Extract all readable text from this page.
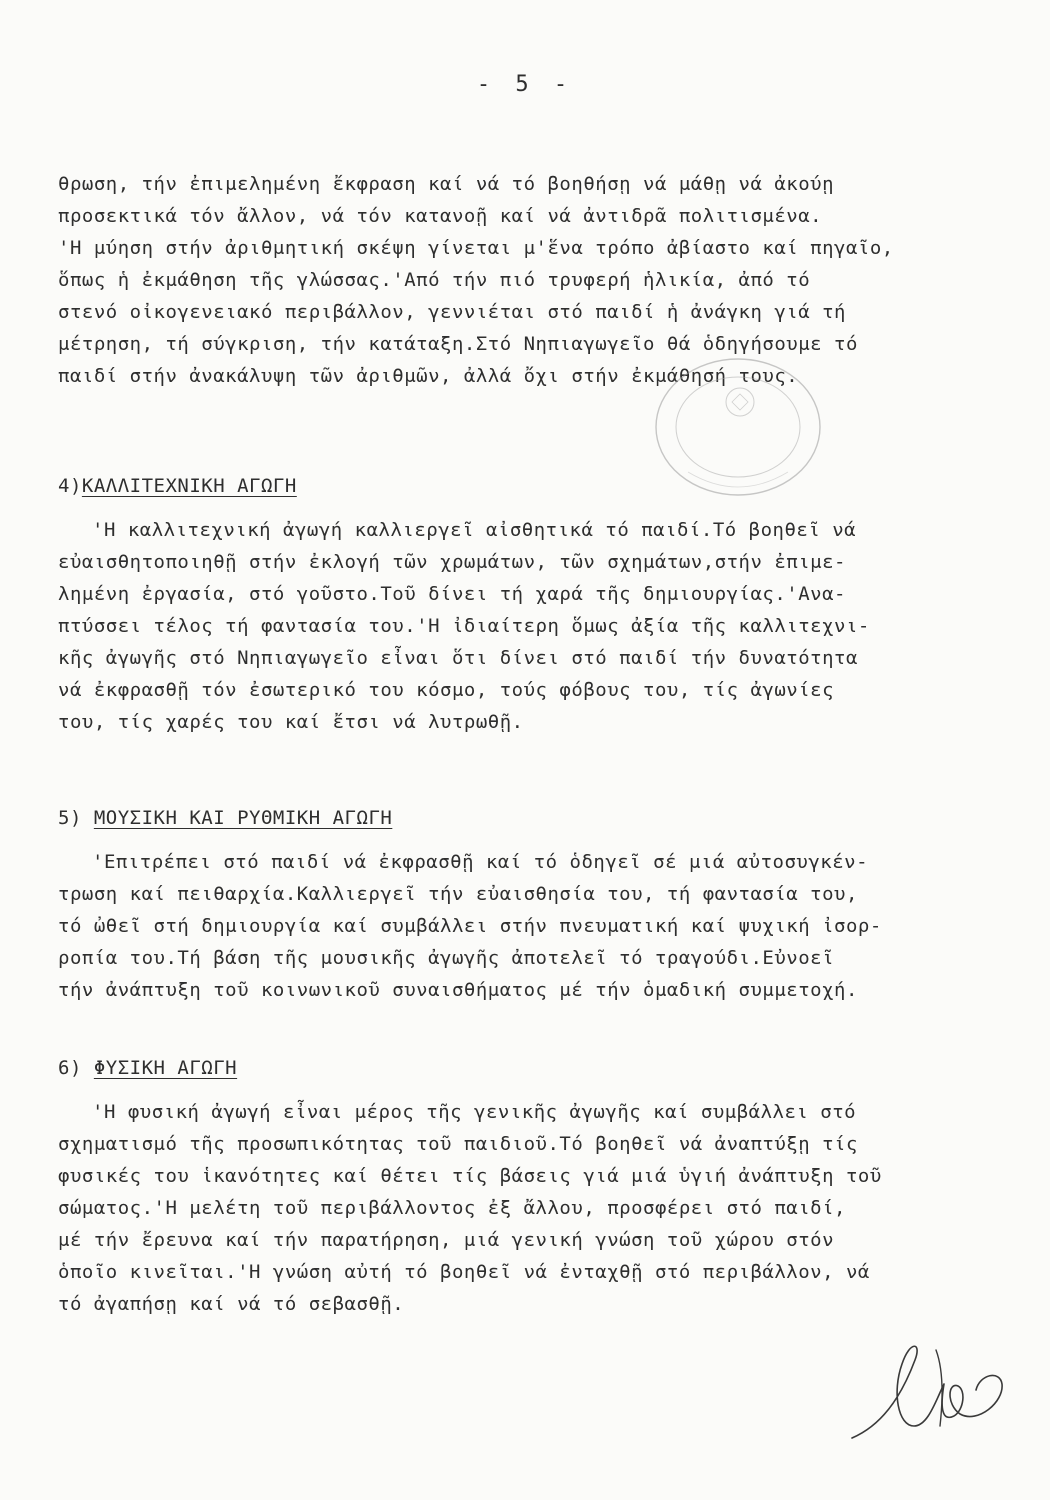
- 5 -
θρωση, τήν ἐπιμελημένη ἔκφραση καί νά τό βοηθήσῃ νά μάθῃ νά ἀκούῃ
προσεκτικά τόν ἄλλον, νά τόν κατανοῇ καί νά ἀντιδρᾶ πολιτισμένα.
'Η μύηση στήν ἀριθμητική σκέψη γίνεται μ'ἕνα τρόπο ἀβίαστο καί πηγαῖο,
ὅπως ἡ ἐκμάθηση τῆς γλώσσας.'Από τήν πιό τρυφερή ἡλικία, ἀπό τό
στενό οἰκογενειακό περιβάλλον, γεννιέται στό παιδί ἡ ἀνάγκη γιά τή
μέτρηση, τή σύγκριση, τήν κατάταξη.Στό Νηπιαγωγεῖο θά ὁδηγήσουμε τό
παιδί στήν ἀνακάλυψη τῶν ἀριθμῶν, ἀλλά ὄχι στήν ἐκμάθησή τους.
4)ΚΑΛΛΙΤΕΧΝΙΚΗ ΑΓΩΓΗ
'Η καλλιτεχνική ἀγωγή καλλιεργεῖ αἰσθητικά τό παιδί.Τό βοηθεῖ νά
εὐαισθητοποιηθῇ στήν ἐκλογή τῶν χρωμάτων, τῶν σχημάτων,στήν ἐπιμε-
λημένη ἐργασία, στό γοῦστο.Τοῦ δίνει τή χαρά τῆς δημιουργίας.'Ανα-
πτύσσει τέλος τή φαντασία του.'Η ἰδιαίτερη ὅμως ἀξία τῆς καλλιτεχνι-
κῆς ἀγωγῆς στό Νηπιαγωγεῖο εἶναι ὅτι δίνει στό παιδί τήν δυνατότητα
νά ἐκφρασθῇ τόν ἐσωτερικό του κόσμο, τούς φόβους του, τίς ἀγωνίες
του, τίς χαρές του καί ἔτσι νά λυτρωθῇ.
5) ΜΟΥΣΙΚΗ ΚΑΙ ΡΥΘΜΙΚΗ ΑΓΩΓΗ
'Επιτρέπει στό παιδί νά ἐκφρασθῇ καί τό ὁδηγεῖ σέ μιά αὐτοσυγκέν-
τρωση καί πειθαρχία.Καλλιεργεῖ τήν εὐαισθησία του, τή φαντασία του,
τό ὠθεῖ στή δημιουργία καί συμβάλλει στήν πνευματική καί ψυχική ἰσορ-
ροπία του.Τή βάση τῆς μουσικῆς ἀγωγῆς ἀποτελεῖ τό τραγούδι.Εὐνοεῖ
τήν ἀνάπτυξη τοῦ κοινωνικοῦ συναισθήματος μέ τήν ὁμαδική συμμετοχή.
6) ΦΥΣΙΚΗ ΑΓΩΓΗ
'Η φυσική ἀγωγή εἶναι μέρος τῆς γενικῆς ἀγωγῆς καί συμβάλλει στό
σχηματισμό τῆς προσωπικότητας τοῦ παιδιοῦ.Τό βοηθεῖ νά ἀναπτύξῃ τίς
φυσικές του ἱκανότητες καί θέτει τίς βάσεις γιά μιά ὑγιή ἀνάπτυξη τοῦ
σώματος.'Η μελέτη τοῦ περιβάλλοντος ἐξ ἄλλου, προσφέρει στό παιδί,
μέ τήν ἔρευνα καί τήν παρατήρηση, μιά γενική γνώση τοῦ χώρου στόν
ὁποῖο κινεῖται.'Η γνώση αὐτή τό βοηθεῖ νά ἐνταχθῇ στό περιβάλλον, νά
τό ἀγαπήσῃ καί νά τό σεβασθῇ.
